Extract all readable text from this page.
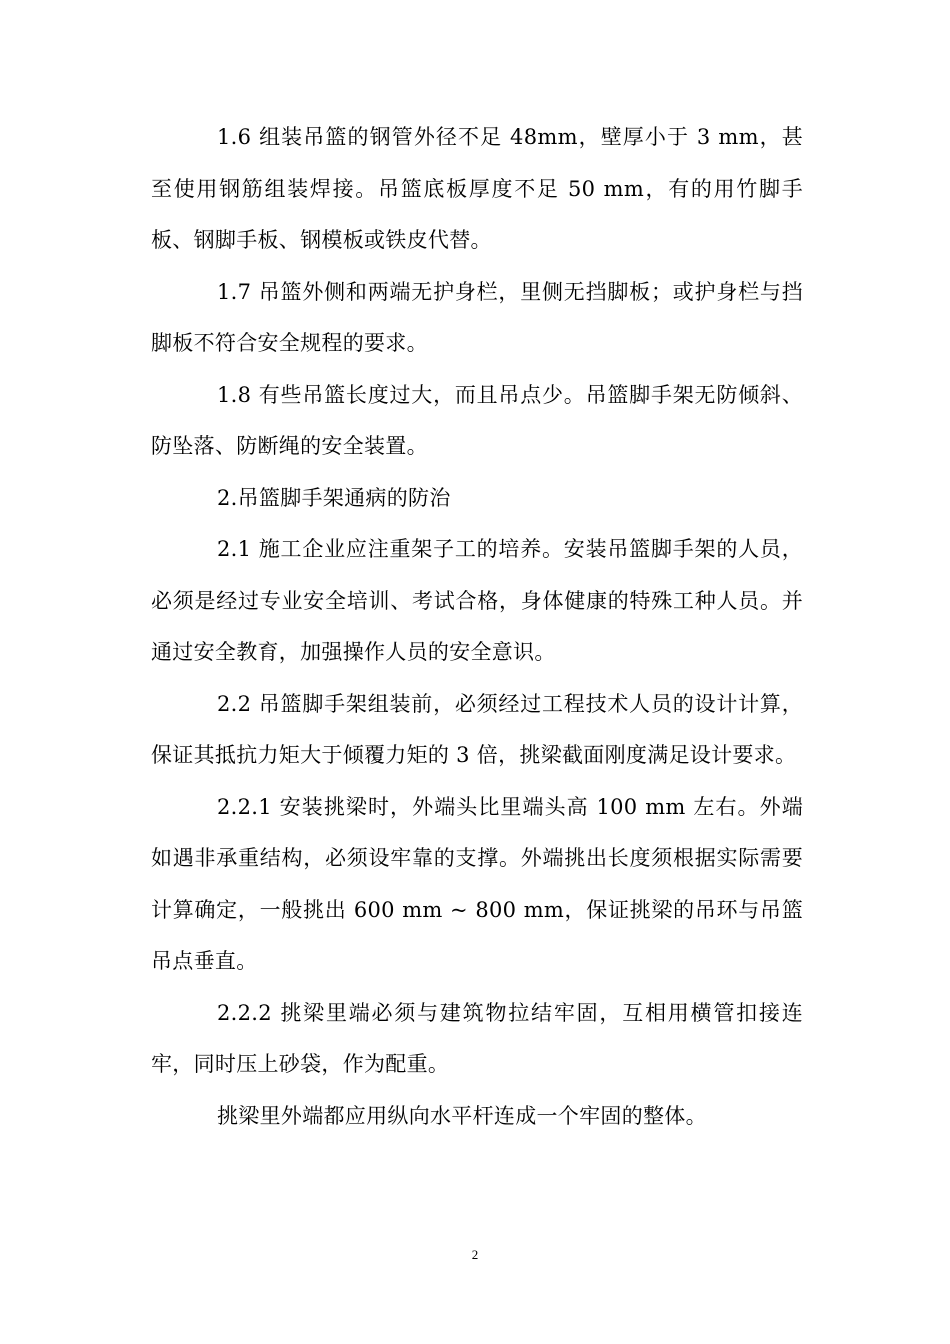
1.6 组装吊篮的钢管外径不足 48mm，壁厚小于 3 mm，甚至使用钢筋组装焊接。吊篮底板厚度不足 50 mm，有的用竹脚手板、钢脚手板、钢模板或铁皮代替。

1.7 吊篮外侧和两端无护身栏，里侧无挡脚板；或护身栏与挡脚板不符合安全规程的要求。

1.8 有些吊篮长度过大，而且吊点少。吊篮脚手架无防倾斜、防坠落、防断绳的安全装置。

2.吊篮脚手架通病的防治

2.1 施工企业应注重架子工的培养。安装吊篮脚手架的人员，必须是经过专业安全培训、考试合格，身体健康的特殊工种人员。并通过安全教育，加强操作人员的安全意识。

2.2 吊篮脚手架组装前，必须经过工程技术人员的设计计算，保证其抵抗力矩大于倾覆力矩的 3 倍，挑梁截面刚度满足设计要求。

2.2.1 安装挑梁时，外端头比里端头高 100 mm 左右。外端如遇非承重结构，必须设牢靠的支撑。外端挑出长度须根据实际需要计算确定，一般挑出 600 mm ~ 800 mm，保证挑梁的吊环与吊篮吊点垂直。

2.2.2 挑梁里端必须与建筑物拉结牢固，互相用横管扣接连牢，同时压上砂袋，作为配重。

挑梁里外端都应用纵向水平杆连成一个牢固的整体。

2
